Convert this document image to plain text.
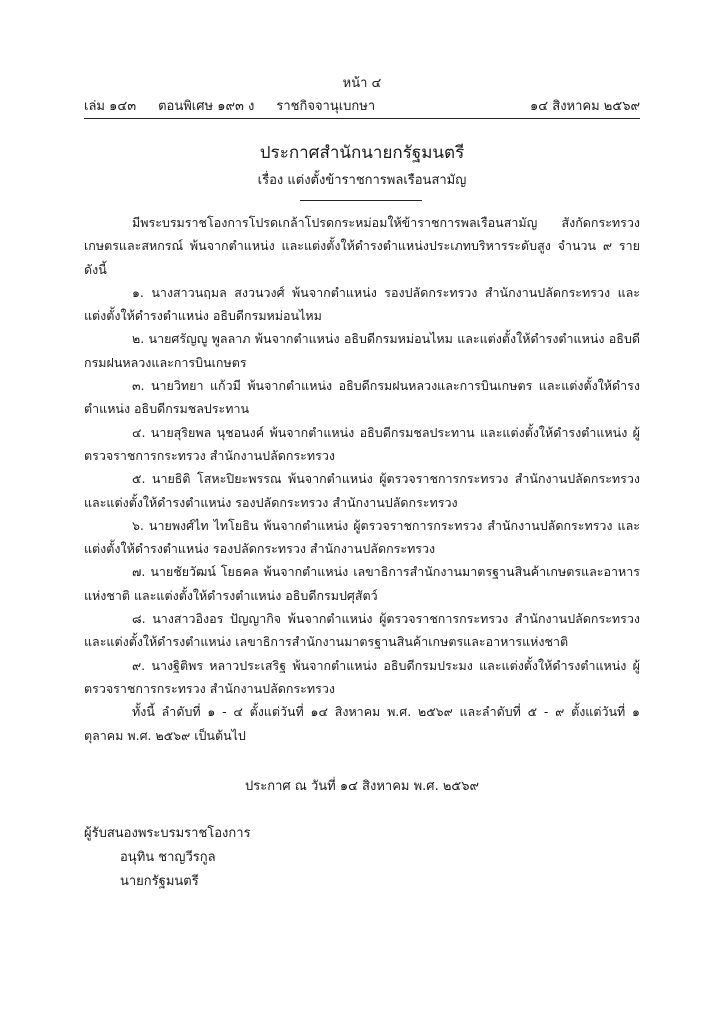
หน้า ๔
เล่ม ๑๔๓ ตอนพิเศษ ๑๙๓ ง ราชกิจจานุเบกษา	๑๔ สิงหาคม ๒๕๖๙
ประกาศสำนักนายกรัฐมนตรี
เรื่อง แต่งตั้งข้าราชการพลเรือนสามัญ

มีพระบรมราชโองการโปรดเกล้าโปรดกระหม่อมให้ข้าราชการพลเรือนสามัญ สังกัดกระทรวงเกษตรและสหกรณ์ พ้นจากตำแหน่ง และแต่งตั้งให้ดำรงตำแหน่งประเภทบริหารระดับสูง จำนวน ๙ ราย ดังนี้

๑. นางสาวนฤมล สงวนวงศ์ พ้นจากตำแหน่ง รองปลัดกระทรวง สำนักงานปลัดกระทรวง และแต่งตั้งให้ดำรงตำแหน่ง อธิบดีกรมหม่อนไหม

๒. นายศรัญญู พูลลาภ พ้นจากตำแหน่ง อธิบดีกรมหม่อนไหม และแต่งตั้งให้ดำรงตำแหน่ง อธิบดีกรมฝนหลวงและการบินเกษตร

๓. นายวิทยา แก้วมี พ้นจากตำแหน่ง อธิบดีกรมฝนหลวงและการบินเกษตร และแต่งตั้งให้ดำรงตำแหน่ง อธิบดีกรมชลประทาน

๔. นายสุริยพล นุชอนงค์ พ้นจากตำแหน่ง อธิบดีกรมชลประทาน และแต่งตั้งให้ดำรงตำแหน่ง ผู้ตรวจราชการกระทรวง สำนักงานปลัดกระทรวง

๕. นายธิติ โสหะปิยะพรรณ พ้นจากตำแหน่ง ผู้ตรวจราชการกระทรวง สำนักงานปลัดกระทรวง และแต่งตั้งให้ดำรงตำแหน่ง รองปลัดกระทรวง สำนักงานปลัดกระทรวง

๖. นายพงศ์ไท ไทโยธิน พ้นจากตำแหน่ง ผู้ตรวจราชการกระทรวง สำนักงานปลัดกระทรวง และแต่งตั้งให้ดำรงตำแหน่ง รองปลัดกระทรวง สำนักงานปลัดกระทรวง

๗. นายชัยวัฒน์ โยธคล พ้นจากตำแหน่ง เลขาธิการสำนักงานมาตรฐานสินค้าเกษตรและอาหารแห่งชาติ และแต่งตั้งให้ดำรงตำแหน่ง อธิบดีกรมปศุสัตว์

๘. นางสาวอิงอร ปัญญากิจ พ้นจากตำแหน่ง ผู้ตรวจราชการกระทรวง สำนักงานปลัดกระทรวง และแต่งตั้งให้ดำรงตำแหน่ง เลขาธิการสำนักงานมาตรฐานสินค้าเกษตรและอาหารแห่งชาติ

๙. นางฐิติพร หลาวประเสริฐ พ้นจากตำแหน่ง อธิบดีกรมประมง และแต่งตั้งให้ดำรงตำแหน่ง ผู้ตรวจราชการกระทรวง สำนักงานปลัดกระทรวง

ทั้งนี้ ลำดับที่ ๑ - ๔ ตั้งแต่วันที่ ๑๔ สิงหาคม พ.ศ. ๒๕๖๙ และลำดับที่ ๕ - ๙ ตั้งแต่วันที่ ๑ ตุลาคม พ.ศ. ๒๕๖๙ เป็นต้นไป

ประกาศ ณ วันที่ ๑๔ สิงหาคม พ.ศ. ๒๕๖๙
ผู้รับสนองพระบรมราชโองการ
อนุทิน ชาญวีรกูล
นายกรัฐมนตรี
